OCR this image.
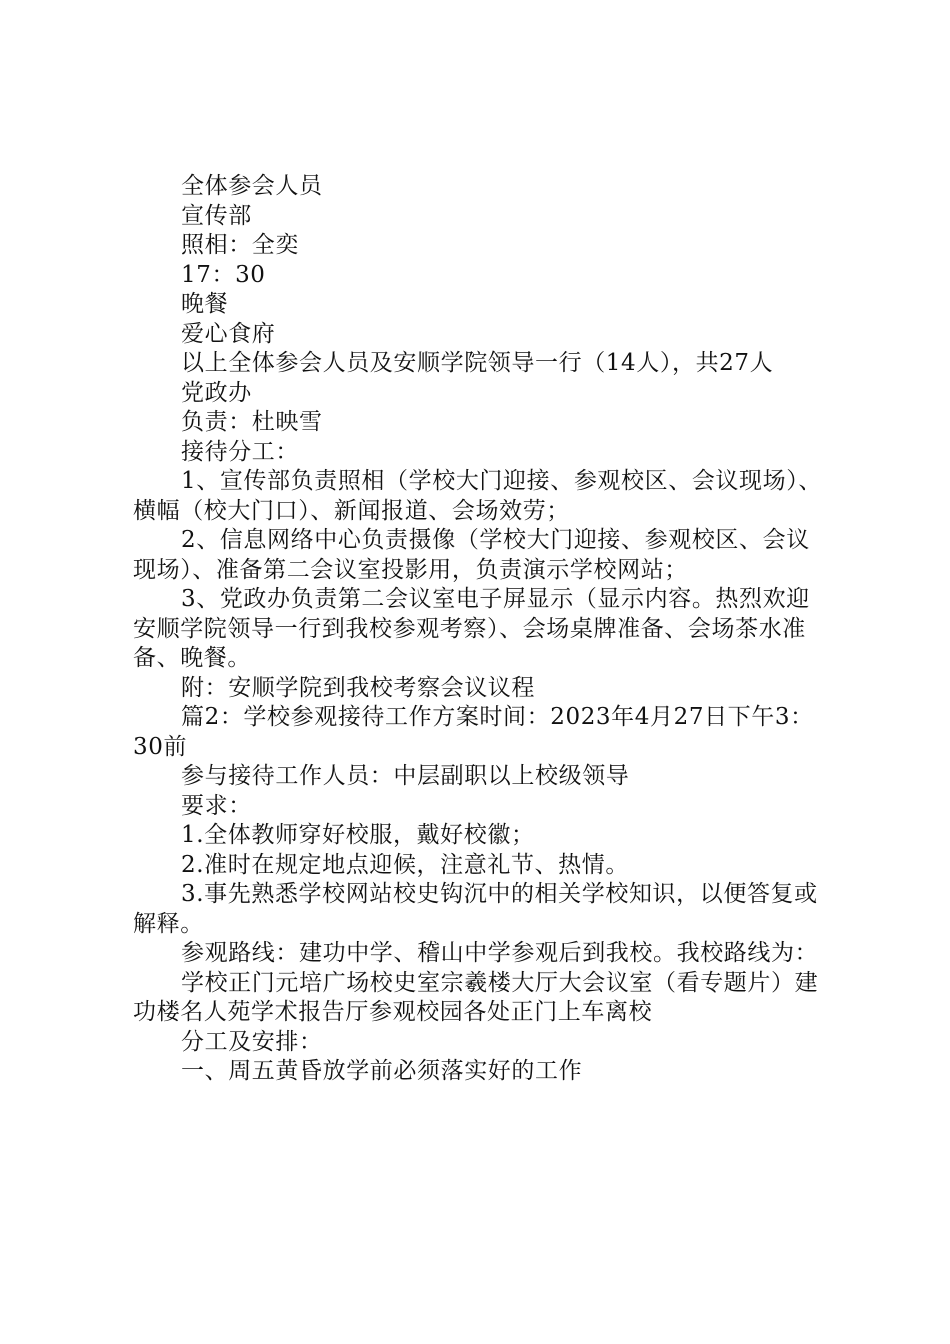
全体参会人员

宣传部

照相：全奕

17：30

晚餐

爱心食府

以上全体参会人员及安顺学院领导一行（14人），共27人

党政办

负责：杜映雪

接待分工：

1、宣传部负责照相（学校大门迎接、参观校区、会议现场）、横幅（校大门口）、新闻报道、会场效劳；

2、信息网络中心负责摄像（学校大门迎接、参观校区、会议现场）、准备第二会议室投影用，负责演示学校网站；

3、党政办负责第二会议室电子屏显示（显示内容。热烈欢迎安顺学院领导一行到我校参观考察）、会场桌牌准备、会场茶水准备、晚餐。

附：安顺学院到我校考察会议议程

篇2：学校参观接待工作方案时间：2023年4月27日下午3：30前

参与接待工作人员：中层副职以上校级领导

要求：

1.全体教师穿好校服，戴好校徽；

2.准时在规定地点迎候，注意礼节、热情。

3.事先熟悉学校网站校史钩沉中的相关学校知识，以便答复或解释。

参观路线：建功中学、稽山中学参观后到我校。我校路线为：

学校正门元培广场校史室宗羲楼大厅大会议室（看专题片）建功楼名人苑学术报告厅参观校园各处正门上车离校

分工及安排：

一、周五黄昏放学前必须落实好的工作
